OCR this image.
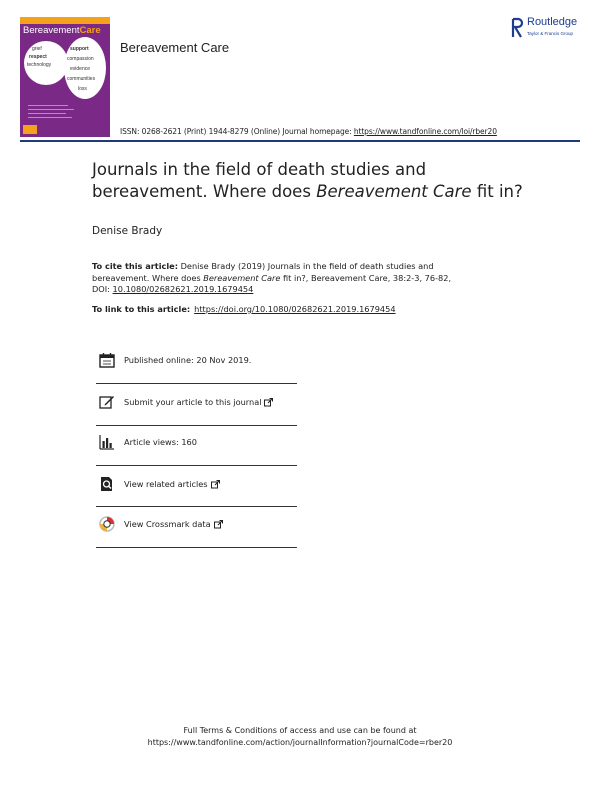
BereavementCare
grief
respect
technology
support
compassion
evidence
communities
loss
Bereavement Care
Routledge
Taylor & Francis Group
ISSN: 0268-2621 (Print) 1944-8279 (Online) Journal homepage: https://www.tandfonline.com/loi/rber20
Journals in the field of death studies and bereavement. Where does Bereavement Care fit in?
Denise Brady
To cite this article: Denise Brady (2019) Journals in the field of death studies and bereavement. Where does Bereavement Care fit in?, Bereavement Care, 38:2-3, 76-82, DOI: 10.1080/02682621.2019.1679454
To link to this article: https://doi.org/10.1080/02682621.2019.1679454
Published online: 20 Nov 2019.
Submit your article to this journal
Article views: 160
View related articles
View Crossmark data
Full Terms & Conditions of access and use can be found at
https://www.tandfonline.com/action/journalInformation?journalCode=rber20
